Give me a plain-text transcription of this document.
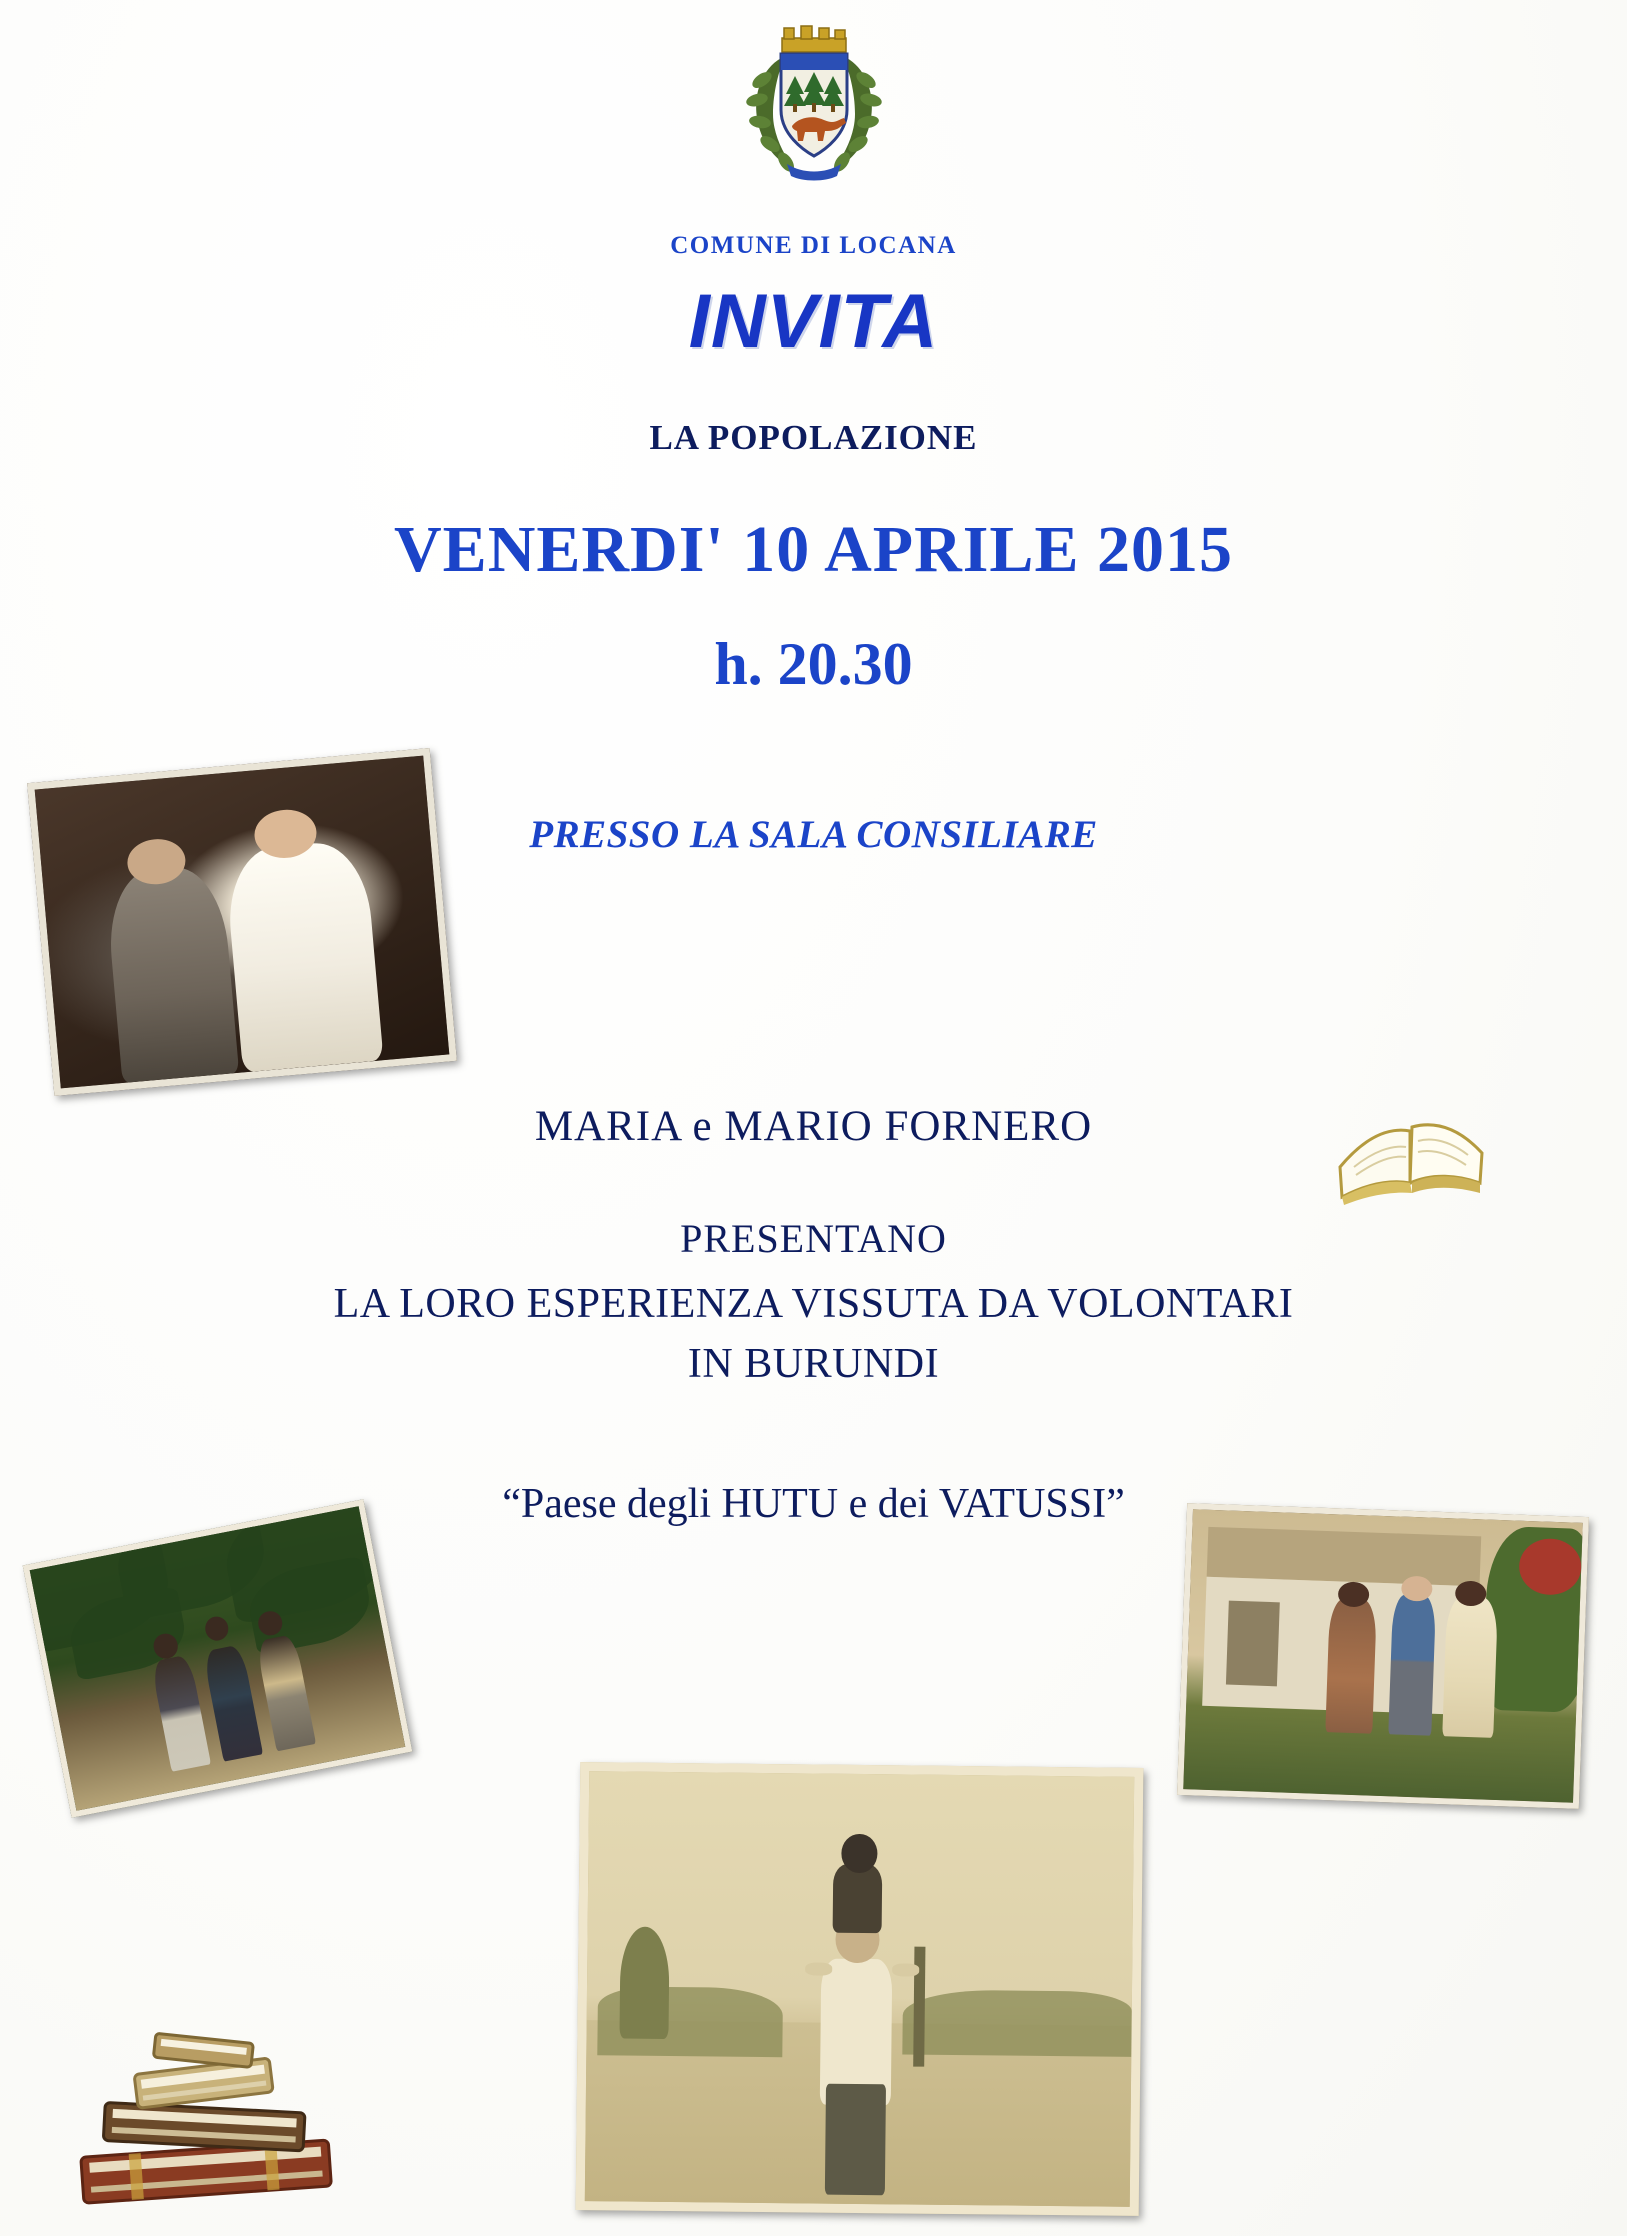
COMUNE DI LOCANA
INVITA
LA POPOLAZIONE
VENERDI' 10 APRILE 2015
h. 20.30
PRESSO LA SALA CONSILIARE
MARIA e MARIO FORNERO
PRESENTANO
LA LORO ESPERIENZA VISSUTA DA VOLONTARI
IN BURUNDI
“Paese degli HUTU e dei VATUSSI”
